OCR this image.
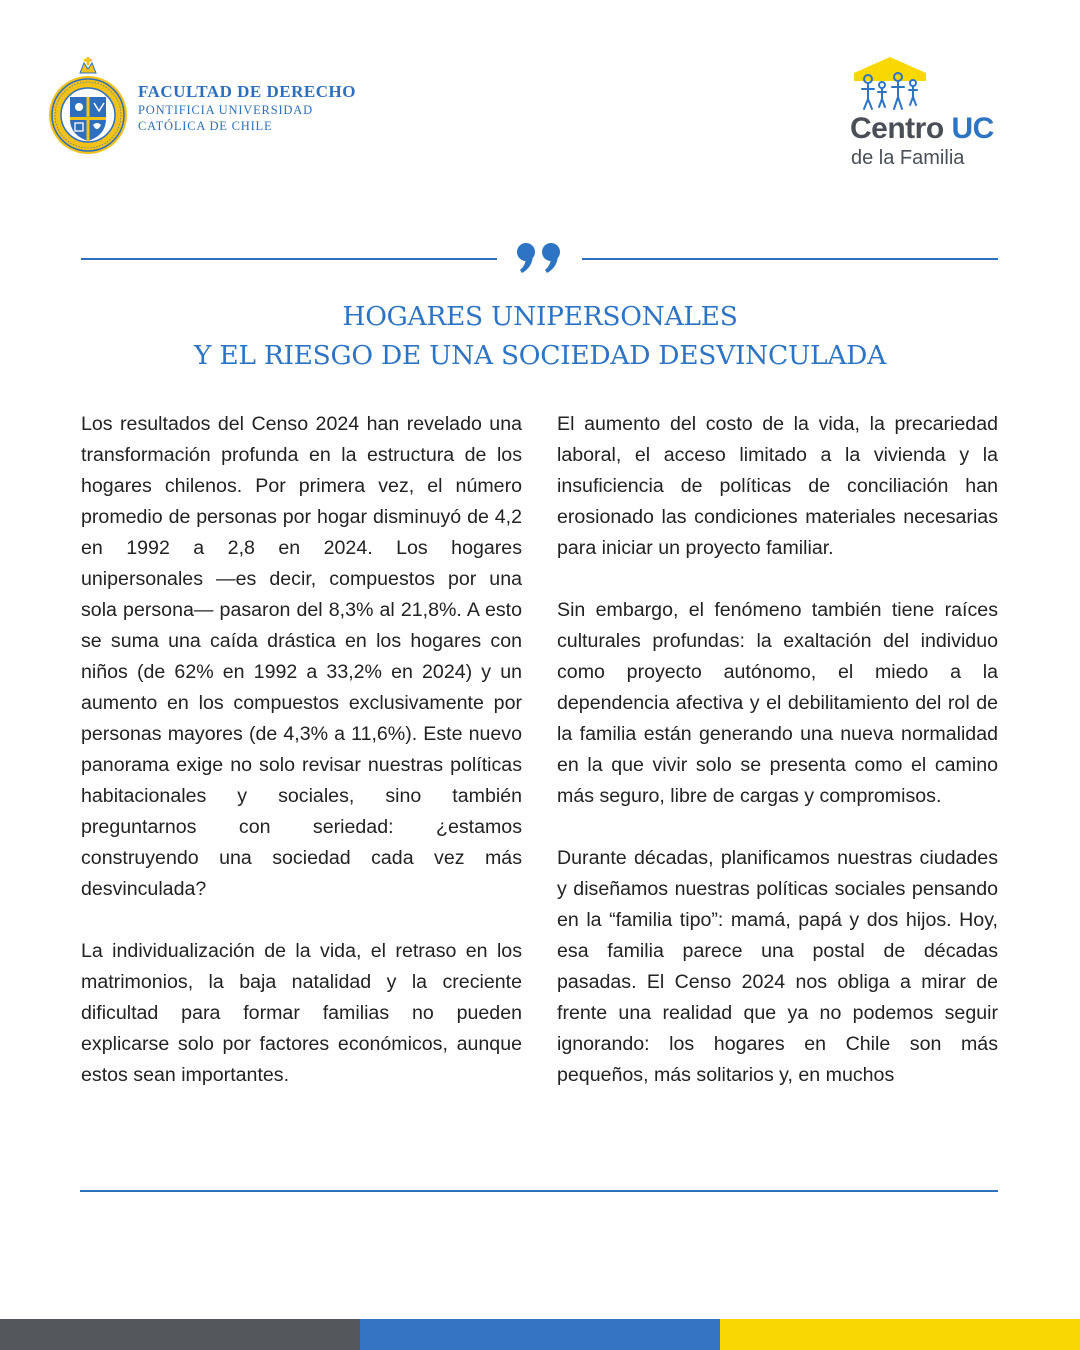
FACULTAD DE DERECHO
PONTIFICIA UNIVERSIDAD
CATÓLICA DE CHILE	Centro UC
de la Familia
HOGARES UNIPERSONALES
Y EL RIESGO DE UNA SOCIEDAD DESVINCULADA

Los resultados del Censo 2024 han revelado una transformación profunda en la estructura de los hogares chilenos. Por primera vez, el número promedio de personas por hogar disminuyó de 4,2 en 1992 a 2,8 en 2024. Los hogares unipersonales —es decir, compuestos por una sola persona— pasaron del 8,3% al 21,8%. A esto se suma una caída drástica en los hogares con niños (de 62% en 1992 a 33,2% en 2024) y un aumento en los compuestos exclusivamente por personas mayores (de 4,3% a 11,6%). Este nuevo panorama exige no solo revisar nuestras políticas habitacionales y sociales, sino también preguntarnos con seriedad: ¿estamos construyendo una sociedad cada vez más desvinculada?

La individualización de la vida, el retraso en los matrimonios, la baja natalidad y la creciente dificultad para formar familias no pueden explicarse solo por factores económicos, aunque estos sean importantes.

El aumento del costo de la vida, la precariedad laboral, el acceso limitado a la vivienda y la insuficiencia de políticas de conciliación han erosionado las condiciones materiales necesarias para iniciar un proyecto familiar.

Sin embargo, el fenómeno también tiene raíces culturales profundas: la exaltación del individuo como proyecto autónomo, el miedo a la dependencia afectiva y el debilitamiento del rol de la familia están generando una nueva normalidad en la que vivir solo se presenta como el camino más seguro, libre de cargas y compromisos.

Durante décadas, planificamos nuestras ciudades y diseñamos nuestras políticas sociales pensando en la “familia tipo”: mamá, papá y dos hijos. Hoy, esa familia parece una postal de décadas pasadas. El Censo 2024 nos obliga a mirar de frente una realidad que ya no podemos seguir ignorando: los hogares en Chile son más pequeños, más solitarios y, en muchos
